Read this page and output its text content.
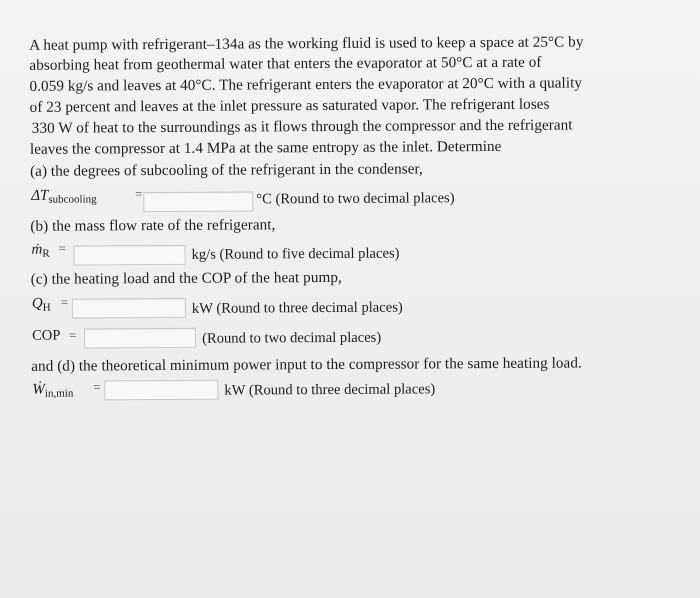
A heat pump with refrigerant–134a as the working fluid is used to keep a space at 25°C by
absorbing heat from geothermal water that enters the evaporator at 50°C at a rate of
0.059 kg/s and leaves at 40°C. The refrigerant enters the evaporator at 20°C with a quality
of 23 percent and leaves at the inlet pressure as saturated vapor. The refrigerant loses
330 W of heat to the surroundings as it flows through the compressor and the refrigerant
leaves the compressor at 1.4 MPa at the same entropy as the inlet. Determine
(a) the degrees of subcooling of the refrigerant in the condenser,
$\Delta T_{subcooling}$	=	°C (Round to two decimal places)
(b) the mass flow rate of the refrigerant,
ṁ$_R$ =	kg/s (Round to five decimal places)
(c) the heating load and the COP of the heat pump,
$Q_H$ =	kW (Round to three decimal places)
COP =	(Round to two decimal places)
and (d) the theoretical minimum power input to the compressor for the same heating load.
Ẇ$_{in,min}$ =	kW (Round to three decimal places)
